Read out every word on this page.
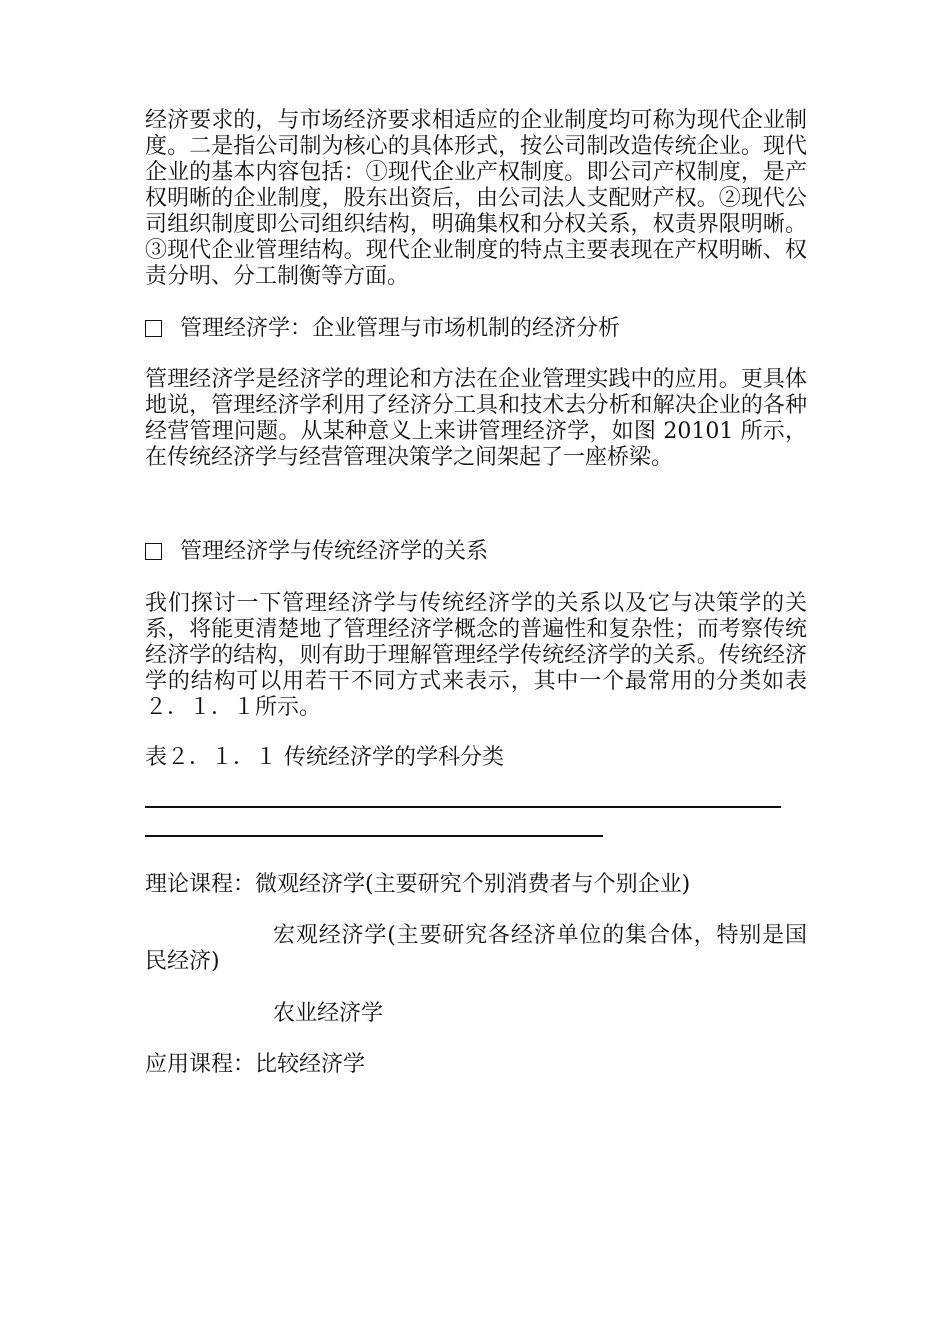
经济要求的，与市场经济要求相适应的企业制度均可称为现代企业制度。二是指公司制为核心的具体形式，按公司制改造传统企业。现代企业的基本内容包括：①现代企业产权制度。即公司产权制度，是产权明晰的企业制度，股东出资后，由公司法人支配财产权。②现代公司组织制度即公司组织结构，明确集权和分权关系，权责界限明晰。③现代企业管理结构。现代企业制度的特点主要表现在产权明晰、权责分明、分工制衡等方面。

管理经济学：企业管理与市场机制的经济分析

管理经济学是经济学的理论和方法在企业管理实践中的应用。更具体地说，管理经济学利用了经济分工具和技术去分析和解决企业的各种经营管理问题。从某种意义上来讲管理经济学，如图 20101 所示，在传统经济学与经营管理决策学之间架起了一座桥梁。

管理经济学与传统经济学的关系

我们探讨一下管理经济学与传统经济学的关系以及它与决策学的关系，将能更清楚地了管理经济学概念的普遍性和复杂性；而考察传统经济学的结构，则有助于理解管理经学传统经济学的关系。传统经济学的结构可以用若干不同方式来表示，其中一个最常用的分类如表２．１．１所示。

表２．１．１ 传统经济学的学科分类

理论课程：微观经济学(主要研究个别消费者与个别企业)

宏观经济学(主要研究各经济单位的集合体，特别是国民经济)

农业经济学

应用课程：比较经济学
